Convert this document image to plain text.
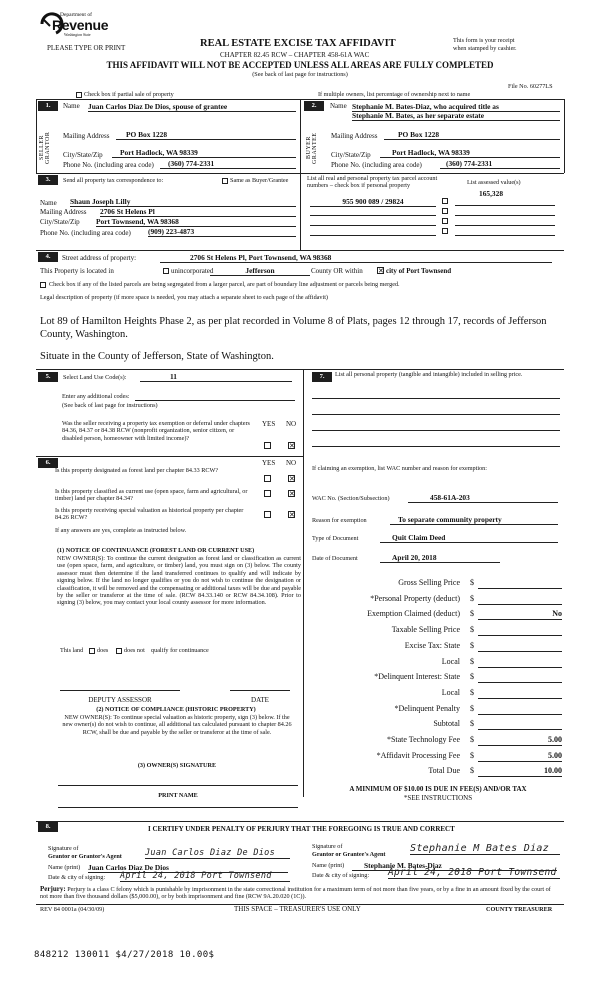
Department of
Revenue
Washington State
PLEASE TYPE OR PRINT	REAL ESTATE EXCISE TAX AFFIDAVIT
CHAPTER 82.45 RCW – CHAPTER 458-61A WAC
THIS AFFIDAVIT WILL NOT BE ACCEPTED UNLESS ALL AREAS ARE FULLY COMPLETED
(See back of last page for instructions)
This form is your receipt
when stamped by cashier.
File No. 60277LS
Check box if partial sale of property	If multiple owners, list percentage of ownership next to name
1.
SELLER GRANTOR
Name Juan Carlos Diaz De Dios, spouse of grantee
Mailing Address	PO Box 1228
City/State/Zip	Port Hadlock, WA 98339
Phone No. (including area code)	(360) 774-2331
2.
BUYER GRANTEE
Name Stephanie M. Bates-Diaz, who acquired title as
Stephanie M. Bates, as her separate estate
Mailing Address	PO Box 1228
City/State/Zip	Port Hadlock, WA 98339
Phone No. (including area code)	(360) 774-2331
3.	Send all property tax correspondence to:	Same as Buyer/Grantee	List all real and personal property tax parcel account numbers – check box if personal property	List assessed value(s)
Name Shaun Joseph Lilly
Mailing Address 2706 St Helens Pl
City/State/Zip Port Townsend, WA 98368
Phone No. (including area code) (909) 223-4873
165,328
955 900 089 / 29824
4.	Street address of property:	2706 St Helens Pl, Port Townsend, WA 98368
This Property is located in	unincorporated	Jefferson	County OR within ✕ city of Port Townsend
Check box if any of the listed parcels are being segregated from a larger parcel, are part of boundary line adjustment or parcels being merged.
Legal description of property (if more space is needed, you may attach a separate sheet to each page of the affidavit)
Lot 89 of Hamilton Heights Phase 2, as per plat recorded in Volume 8 of Plats, pages 12 through 17, records of Jefferson County, Washington.
Situate in the County of Jefferson, State of Washington.
5.	Select Land Use Code(s):	11
Enter any additional codes:
(See back of last page for instructions)
YES NO
Was the seller receiving a property tax exemption or deferral under chapters 84.36, 84.37 or 84.38 RCW (nonprofit organization, senior citizen, or disabled person, homeowner with limited income)?
✕
6.	YES NO
Is this property designated as forest land per chapter 84.33 RCW?
✕
Is this property classified as current use (open space, farm and agricultural, or timber) land per chapter 84.34?
✕
Is this property receiving special valuation as historical property per chapter 84.26 RCW?	✕
If any answers are yes, complete as instructed below.
(1) NOTICE OF CONTINUANCE (FOREST LAND OR CURRENT USE)
NEW OWNER(S): To continue the current designation as forest land or classification as current use (open space, farm, and agriculture, or timber) land, you must sign on (3) below. The county assessor must then determine if the land transferred continues to qualify and will indicate by signing below. If the land no longer qualifies or you do not wish to continue the designation or classification, it will be removed and the compensating or additional taxes will be due and payable by the seller or transferor at the time of sale. (RCW 84.33.140 or RCW 84.34.108). Prior to signing (3) below, you may contact your local county assessor for more information.
This land does	does not qualify for continuance
DEPUTY ASSESSOR	DATE
(2) NOTICE OF COMPLIANCE (HISTORIC PROPERTY)
NEW OWNER(S): To continue special valuation as historic property, sign (3) below. If the new owner(s) do not wish to continue, all additional tax calculated pursuant to chapter 84.26 RCW, shall be due and payable by the seller or transferor at the time of sale.
(3) OWNER(S) SIGNATURE
PRINT NAME
7.	List all personal property (tangible and intangible) included in selling price.
If claiming an exemption, list WAC number and reason for exemption:
WAC No. (Section/Subsection)	458-61A-203
Reason for exemption	To separate community property
Type of Document	Quit Claim Deed
Date of Document	April 20, 2018
Gross Selling Price $
*Personal Property (deduct) $
Exemption Claimed (deduct) $	No
Taxable Selling Price $
Excise Tax: State $
Local $
*Delinquent Interest: State $
Local $
*Delinquent Penalty $
Subtotal $
*State Technology Fee $	5.00
*Affidavit Processing Fee $	5.00
Total Due $	10.00
A MINIMUM OF $10.00 IS DUE IN FEE(S) AND/OR TAX
*SEE INSTRUCTIONS
8.	I CERTIFY UNDER PENALTY OF PERJURY THAT THE FOREGOING IS TRUE AND CORRECT
Signature of
Grantor or Grantor's Agent	Juan Carlos Diaz De Dios
Name (print) Juan Carlos Diaz De Dios
Date & city of signing: April 24, 2018 Port Townsend
Signature of
Grantor or Grantee's Agent
Stephanie M Bates Diaz
Name (print)	Stephanie M. Bates-Diaz
Date & city of signing: April 24, 2018 Port Townsend
Perjury: Perjury is a class C felony which is punishable by imprisonment in the state correctional institution for a maximum term of not more than five years, or by a fine in an amount fixed by the court of not more than five thousand dollars ($5,000.00), or by both imprisonment and fine (RCW 9A.20.020 (1C)).
REV 84 0001a (04/30/09)	THIS SPACE – TREASURER'S USE ONLY	COUNTY TREASURER
848212 130011 $4/27/2018 10.00$
